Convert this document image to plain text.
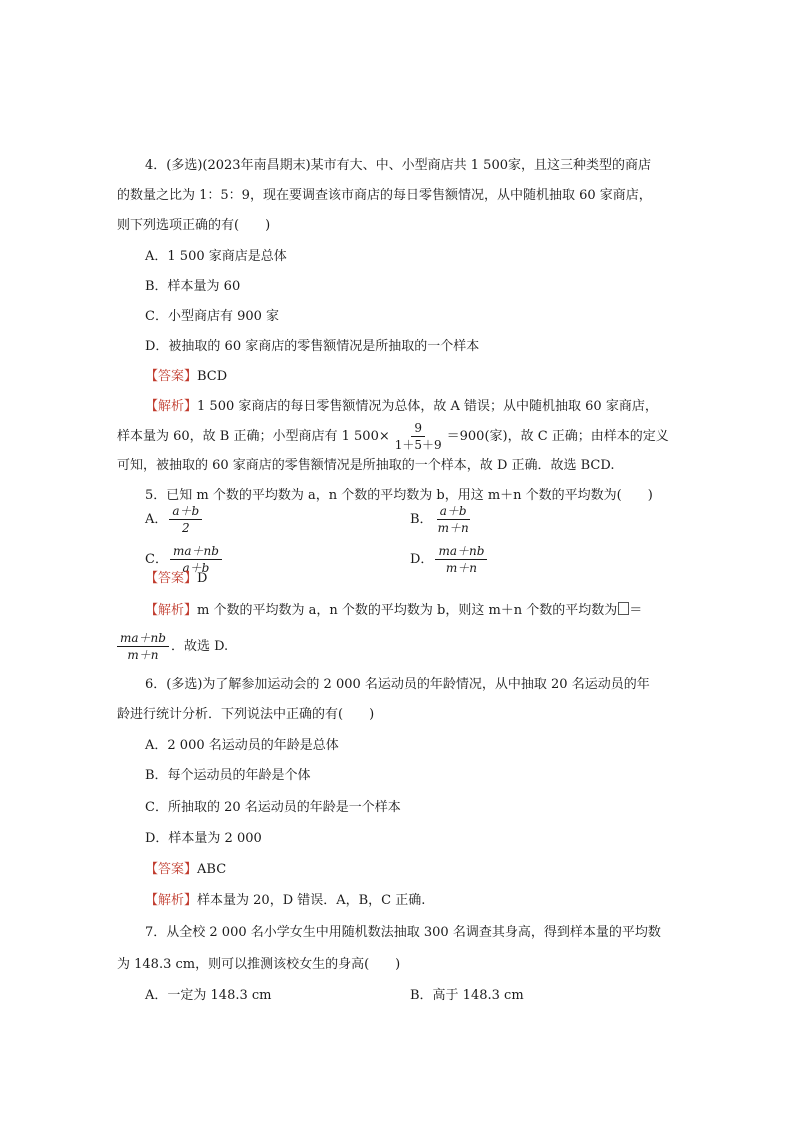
4．(多选)(2023年南昌期末)某市有大、中、小型商店共 1 500家，且这三种类型的商店
的数量之比为 1：5：9，现在要调查该市商店的每日零售额情况，从中随机抽取 60 家商店，
则下列选项正确的有(　　)
A．1 500 家商店是总体
B．样本量为 60
C．小型商店有 900 家
D．被抽取的 60 家商店的零售额情况是所抽取的一个样本
【答案】BCD
【解析】1 500 家商店的每日零售额情况为总体，故 A 错误；从中随机抽取 60 家商店，
样本量为 60，故 B 正确；小型商店有 1 $500\times \frac{9}{1+5+9} =900$(家)，故 C 正确；由样本的定义
可知，被抽取的 60 家商店的零售额情况是所抽取的一个样本，故 D 正确．故选 BCD.
5．已知 m 个数的平均数为 a，n 个数的平均数为 b，用这 m＋n 个数的平均数为(　　)
A． $\frac{a+b}{2}$	B． $\frac{a+b}{m+n}$
C． $\frac{ma+nb}{a+b}$	D． $\frac{ma+nb}{m+n}$
【答案】D
【解析】m 个数的平均数为 a，n 个数的平均数为 b，则这 m＋n 个数的平均数为 ＝
$\frac{ma+nb}{m+n}$ ．故选 D.
6．(多选)为了解参加运动会的 2 000 名运动员的年龄情况，从中抽取 20 名运动员的年
龄进行统计分析．下列说法中正确的有(　　)
A．2 000 名运动员的年龄是总体
B．每个运动员的年龄是个体
C．所抽取的 20 名运动员的年龄是一个样本
D．样本量为 2 000
【答案】ABC
【解析】样本量为 20，D 错误．A，B，C 正确.
7．从全校 2 000 名小学女生中用随机数法抽取 300 名调查其身高，得到样本量的平均数
为 148.3 cm，则可以推测该校女生的身高(　　)
A．一定为 148.3 cm	B．高于 148.3 cm
